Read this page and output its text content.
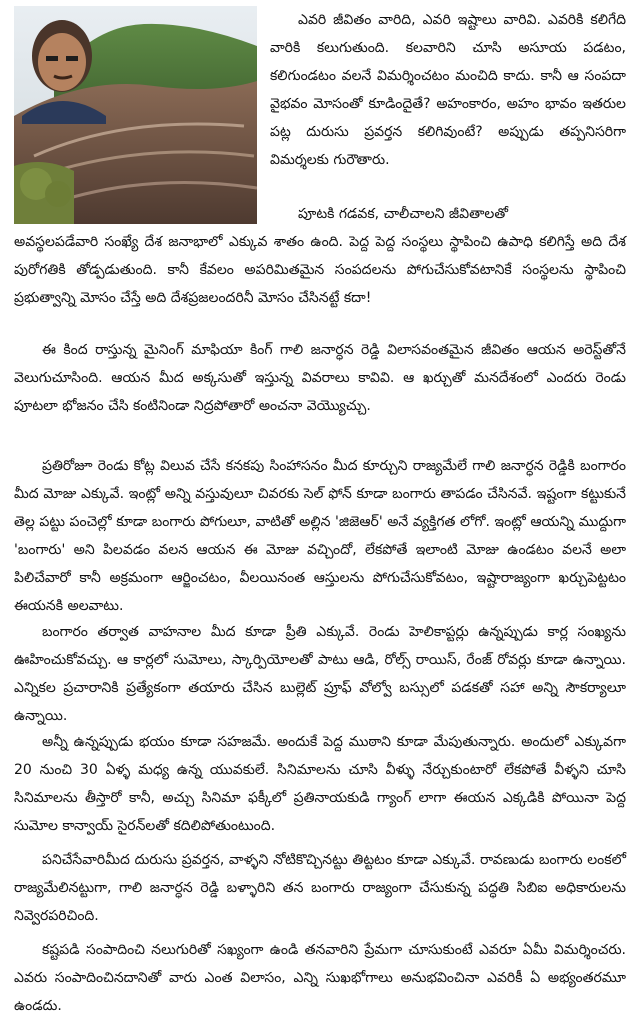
ఎవరి జీవితం వారిది, ఎవరి ఇష్టాలు వారివి. ఎవరికి కలిగేది వారికి కలుగుతుంది. కలవారిని చూసి అసూయ పడటం, కలిగుండటం వలనే విమర్శించటం మంచిది కాదు. కానీ ఆ సంపదా వైభవం మోసంతో కూడిందైతే? అహంకారం, అహం భావం ఇతరుల పట్ల దురుసు ప్రవర్తన కలిగివుంటే? అప్పుడు తప్పనిసరిగా విమర్శలకు గురౌతారు.

పూటకి గడవక, చాలీచాలని జీవితాలతో

అవస్థలపడేవారి సంఖ్యే దేశ జనాభాలో ఎక్కువ శాతం ఉంది. పెద్ద పెద్ద సంస్థలు స్థాపించి ఉపాధి కలిగిస్తే అది దేశ పురోగతికి తోడ్పడుతుంది. కానీ కేవలం అపరిమితమైన సంపదలను పోగుచేసుకోవటానికే సంస్థలను స్థాపించి ప్రభుత్వాన్ని మోసం చేస్తే అది దేశప్రజలందరినీ మోసం చేసినట్టే కదా!

ఈ కింద రాస్తున్న మైనింగ్ మాఫియా కింగ్ గాలి జనార్ధన రెడ్డి విలాసవంతమైన జీవితం ఆయన అరెస్ట్‌తోనే వెలుగుచూసింది. ఆయన మీద అక్కసుతో ఇస్తున్న వివరాలు కావివి. ఆ ఖర్చుతో మనదేశంలో ఎందరు రెండు పూటలా భోజనం చేసి కంటినిండా నిద్రపోతారో అంచనా వెయ్యొచ్చు.

ప్రతిరోజూ రెండు కోట్ల విలువ చేసే కనకపు సింహాసనం మీద కూర్చుని రాజ్యమేలే గాలి జనార్ధన రెడ్డికి బంగారం మీద మోజు ఎక్కువే. ఇంట్లో అన్ని వస్తువులూ చివరకు సెల్ ఫోన్ కూడా బంగారు తాపడం చేసినవే. ఇష్టంగా కట్టుకునే తెల్ల పట్టు పంచెల్లో కూడా బంగారు పోగులూ, వాటితో అల్లిన 'జిజెఆర్' అనే వ్యక్తిగత లోగో. ఇంట్లో ఆయన్ని ముద్దుగా 'బంగారు' అని పిలవడం వలన ఆయన ఈ మోజు వచ్చిందో, లేకపోతే ఇలాంటి మోజు ఉండటం వలనే అలా పిలిచేవారో కానీ అక్రమంగా ఆర్జించటం, వీలయినంత ఆస్తులను పోగుచేసుకోవటం, ఇష్టారాజ్యంగా ఖర్చుపెట్టటం ఈయనకి అలవాటు.

బంగారం తర్వాత వాహనాల మీద కూడా ప్రీతి ఎక్కువే. రెండు హెలికాప్టర్లు ఉన్నప్పుడు కార్ల సంఖ్యను ఊహించుకోవచ్చు. ఆ కార్లలో సుమోలు, స్కార్పియోలతో పాటు ఆడి, రోల్స్ రాయిస్, రేంజ్ రోవర్లు కూడా ఉన్నాయి. ఎన్నికల ప్రచారానికి ప్రత్యేకంగా తయారు చేసిన బుల్లెట్ ప్రూఫ్ వోల్వో బస్సులో పడకతో సహా అన్ని సౌకర్యాలూ ఉన్నాయి.

అన్నీ ఉన్నప్పుడు భయం కూడా సహజమే. అందుకే పెద్ద ముఠాని కూడా మేపుతున్నారు. అందులో ఎక్కువగా 20 నుంచి 30 ఏళ్ళ మధ్య ఉన్న యువకులే. సినిమాలను చూసి వీళ్ళు నేర్చుకుంటారో లేకపోతే వీళ్ళని చూసి సినిమాలను తీస్తారో కానీ, అచ్చు సినిమా ఫక్కీలో ప్రతినాయకుడి గ్యాంగ్ లాగా ఈయన ఎక్కడికి పోయినా పెద్ద సుమోల కాన్వాయ్ సైరన్‌లతో కదిలిపోతుంటుంది.

పనిచేసేవారిమీద దురుసు ప్రవర్తన, వాళ్ళని నోటికొచ్చినట్టు తిట్టటం కూడా ఎక్కువే. రావణుడు బంగారు లంకలో రాజ్యమేలినట్టుగా, గాలి జనార్ధన రెడ్డి బళ్ళారిని తన బంగారు రాజ్యంగా చేసుకున్న పద్ధతి సిబిఐ అధికారులను నివ్వెరపరిచింది.

కష్టపడి సంపాదించి నలుగురితో సఖ్యంగా ఉండి తనవారిని ప్రేమగా చూసుకుంటే ఎవరూ ఏమీ విమర్శించరు. ఎవరు సంపాదించినదానితో వారు ఎంత విలాసం, ఎన్ని సుఖభోగాలు అనుభవించినా ఎవరికీ ఏ అభ్యంతరమూ ఉండదు.
